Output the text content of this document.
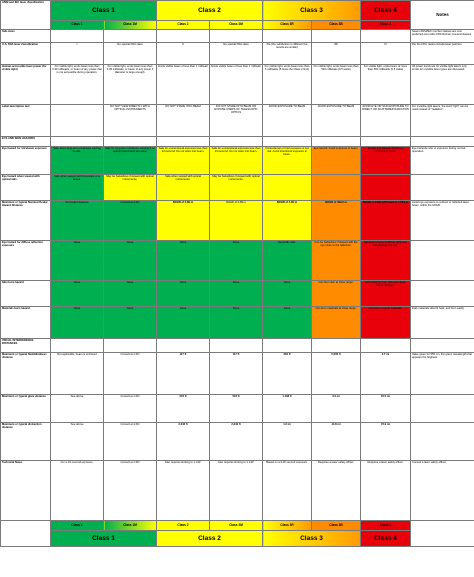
ANSI and IEC laser classification	Class 1		Class 2		Class 3		Class 4	Notes
	Class 1	Class 1M	Class 2	Class 2M	Class 3R	Class 3B	Class 4	
Sub-class								Newer ANSI/IEC number classes are now preferred over older FDA Roman numeral classes
U.S. FDA laser classification	I	No special FDA class	II	No special FDA class	IIIa (the subdivision is different but results are similar)	IIIb	IV	Per the FDA, lasers include laser pointers
Human-accessible laser power (for visible light)	For visible light, emits beam less than 0.39 milliwatts, or beam of any power that is not accessible during operation.	For visible light, emits beam less than 0.39 milliwatts, or beam of any power if diameter is large enough.	Emits visible beam of less than 1 milliwatt	Emits visible beam of less than 1 milliwatt	For visible light, emits beam less than 5 milliwatts (5 times the Class 2 limit)	For visible light, emits beam less than 500 milliwatts (0.5 watts)	For visible light, emits beam of more than 500 milliwatts (0.5 watts)	All power levels are for visible light lasers only. Limits for invisible laser types are discussed.
Label descriptive text		DO NOT VIEW DIRECTLY WITH OPTICAL INSTRUMENTS	DO NOT STARE INTO BEAM	DO NOT STARE INTO BEAM OR EXPOSE USERS OF TELESCOPIC OPTICS	AVOID EXPOSURE TO BEAM	AVOID EXPOSURE TO BEAM	AVOID EYE OR SKIN EXPOSURE TO DIRECT OR SCATTERED RADIATION	For invisible-light lasers, the word "light" can be used instead of "radiation".
EYE AND SKIN HAZARDS								
Eye hazard for intrabeam exposure	Safe. Even long-term intrabeam viewing is safe.	Safe for long-term intrabeam viewing if no optical instruments are used.	Safe for unintentional exposure less than 1/4 second. Do not stare into beam.	Safe for unintentional exposure less than 1/4 second. Do not stare into beam.	Unintentional or brief exposure is low risk. Avoid intentional exposure to beam.	Eye hazard. Avoid exposure to beam.	Severe eye hazard. Avoid eye exposure to beam.	Eye hazards refer to exposure during normal operation.
Eye hazard when viewed with optical aids	Safe when viewed with binoculars or a scope.	May be hazardous if viewed with optical instruments.	Safe when viewed with optical instruments.	May be hazardous if viewed with optical instruments.				
Maximum or typical Nominal Ocular Hazard Distance	No hazard distance	Consult an LSO	NOHD of 0.89 m	NOHD of 0.89 m	NOHD of 4.99 m	NOHD of 499.0 m	NOHD of 1000 mW beam is 1,581 m	Avoid eye exposure to a direct or reflected laser beam, within the NOHD.
Eye hazard for diffuse reflection exposure	None	None	None	None	Generally safe.	Can be hazardous if viewed with the eye close to the reflection.	Hazardous. Even a diffuse reflection can damage the eye.	
Skin burn hazard	None	None	None	None	None	Can burn skin at close range.	Can instantly burn skin and cause tissue damage.	
Materials burn hazard	None	None	None	None	None	Can burn materials at close range.	Can burn or ignite materials.	Dark materials absorb heat, and burn easily.
VISUAL INTERFERENCE DISTANCES								
Maximum or typical flashblindness distance	Not applicable; beam is enclosed	Consult an LSO	117 ft	117 ft	262 ft	5,000 ft	3.7 mi	Value given for 555 nm, the green wavelength that appears the brightest.
Maximum or typical glare distance	See above	Consult an LSO	524 ft	524 ft	1,168 ft	3.3 mi	16.5 mi	
Maximum or typical distraction distance	See above	Consult an LSO	2,342 ft	2,342 ft	1.0 mi	14.8 mi	73.9 mi	
Technical Notes	For a 1/4 second exposure.	Consult an LSO	Also requires limiting to 1 mW.	Also requires limiting to 1 mW.	Based on a 0.25 second exposure.	Requires a laser safety officer.	Requires a laser safety officer.	Consult a laser safety officer.
	Class 1	Class 1M	Class 2	Class 2M	Class 3R	Class 3B	Class 4	
	Class 1		Class 2		Class 3		Class 4	
